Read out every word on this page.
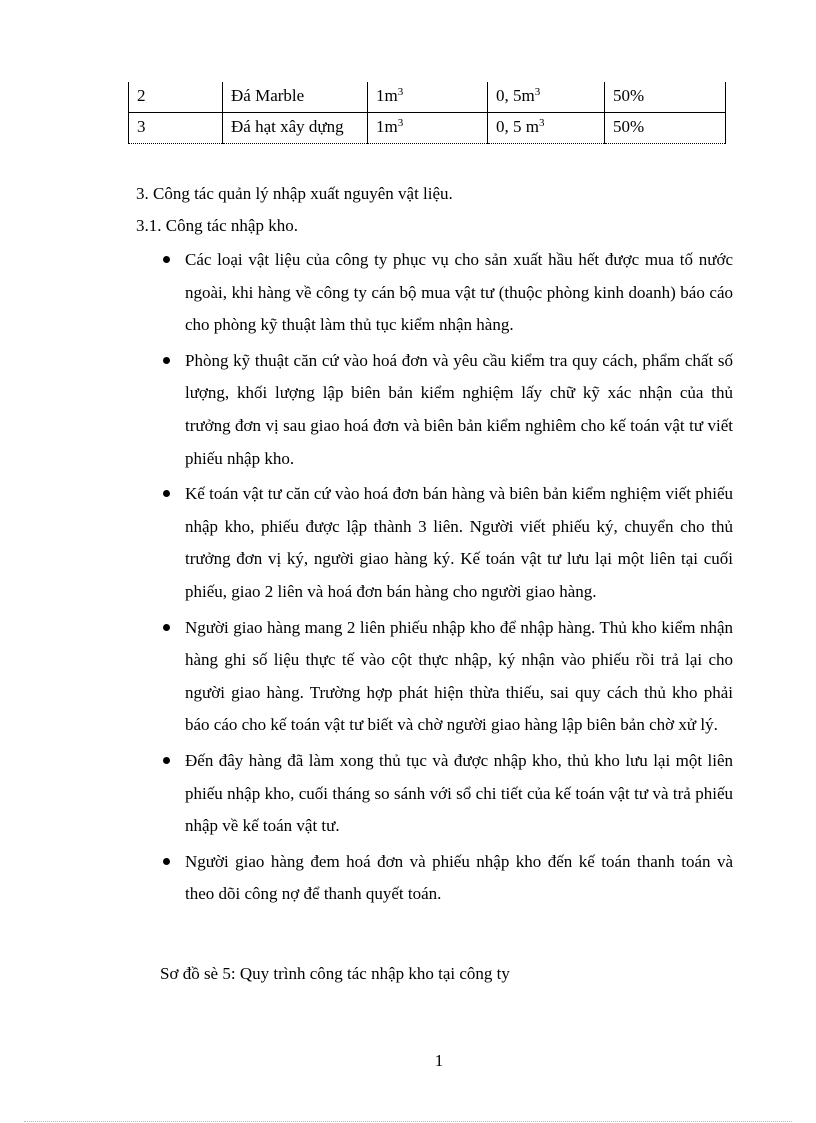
2	Đá Marble	$1m^3$	0, $5m^3$	50%
3	Đá hạt xây dựng	$1m^3$	0, 5 $m^3$	50%
3. Công tác quản lý nhập xuất nguyên vật liệu.
3.1. Công tác nhập kho.
Các loại vật liệu của công ty phục vụ cho sản xuất hầu hết được mua tố nước ngoài, khi hàng về công ty cán bộ mua vật tư (thuộc phòng kinh doanh) báo cáo cho phòng kỹ thuật làm thủ tục kiểm nhận hàng.
Phòng kỹ thuật căn cứ vào hoá đơn và yêu cầu kiểm tra quy cách, phẩm chất số lượng, khối lượng lập biên bản kiểm nghiệm lấy chữ kỹ xác nhận của thủ trưởng đơn vị sau giao hoá đơn và biên bản kiểm nghiêm cho kế toán vật tư viết phiếu nhập kho.
Kế toán vật tư căn cứ vào hoá đơn bán hàng và biên bản kiểm nghiệm viết phiếu nhập kho, phiếu được lập thành 3 liên. Người viết phiếu ký, chuyển cho thủ trưởng đơn vị ký, người giao hàng ký. Kế toán vật tư lưu lại một liên tại cuối phiếu, giao 2 liên và hoá đơn bán hàng cho người giao hàng.
Người giao hàng mang 2 liên phiếu nhập kho để nhập hàng. Thủ kho kiểm nhận hàng ghi số liệu thực tế vào cột thực nhập, ký nhận vào phiếu rồi trả lại cho người giao hàng. Trường hợp phát hiện thừa thiếu, sai quy cách thủ kho phải báo cáo cho kế toán vật tư biết và chờ người giao hàng lập biên bản chờ xử lý.
Đến đây hàng đã làm xong thủ tục và được nhập kho, thủ kho lưu lại một liên phiếu nhập kho, cuối tháng so sánh với sổ chi tiết của kế toán vật tư và trả phiếu nhập về kế toán vật tư.
Người giao hàng đem hoá đơn và phiếu nhập kho đến kế toán thanh toán và theo dõi công nợ để thanh quyết toán.
Sơ đồ sè 5: Quy trình công tác nhập kho tại công ty
1
